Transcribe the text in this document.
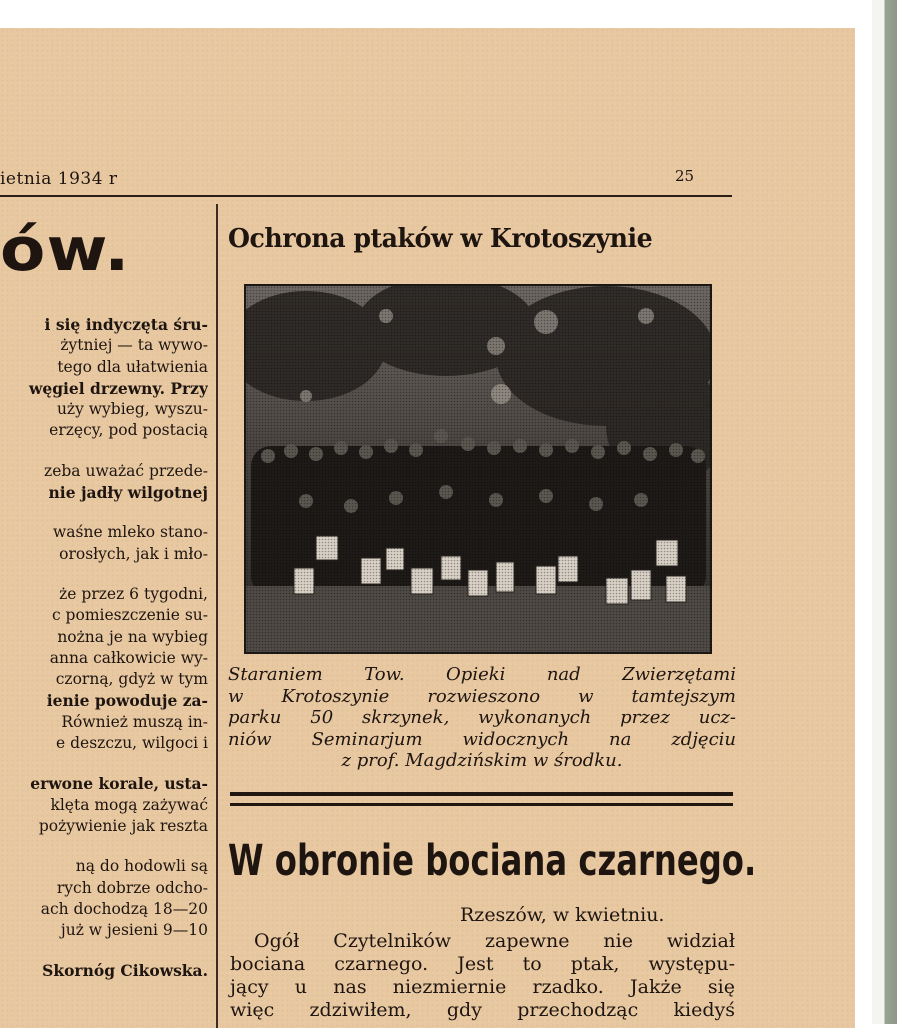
ietnia 1934 r	25
ów.
i się indyczęta śru-
żytniej — ta wywo-
tego dla ułatwienia
węgiel drzewny. Przy
uży wybieg, wyszu-
erzęcy, pod postacią
zeba uważać przede-
nie jadły wilgotnej
waśne mleko stano-
orosłych, jak i mło-
że przez 6 tygodni,
c pomieszczenie su-
nożna je na wybieg
anna całkowicie wy-
czorną, gdyż w tym
ienie powoduje za-
Również muszą in-
e deszczu, wilgoci i
erwone korale, usta-
klęta mogą zażywać
pożywienie jak reszta
ną do hodowli są
rych dobrze odcho-
ach dochodzą 18—20
już w jesieni 9—10
Skornóg Cikowska.
Ochrona ptaków w Krotoszynie
Staraniem Tow. Opieki nad Zwierzętami
w Krotoszynie rozwieszono w tamtejszym
parku 50 skrzynek, wykonanych przez ucz-
niów Seminarjum widocznych na zdjęciu
z prof. Magdzińskim w środku.
W obronie bociana czarnego.
Rzeszów, w kwietniu.
Ogół Czytelników zapewne nie widział
bociana czarnego. Jest to ptak, występu-
jący u nas niezmiernie rzadko. Jakże się
więc zdziwiłem, gdy przechodząc kiedyś
